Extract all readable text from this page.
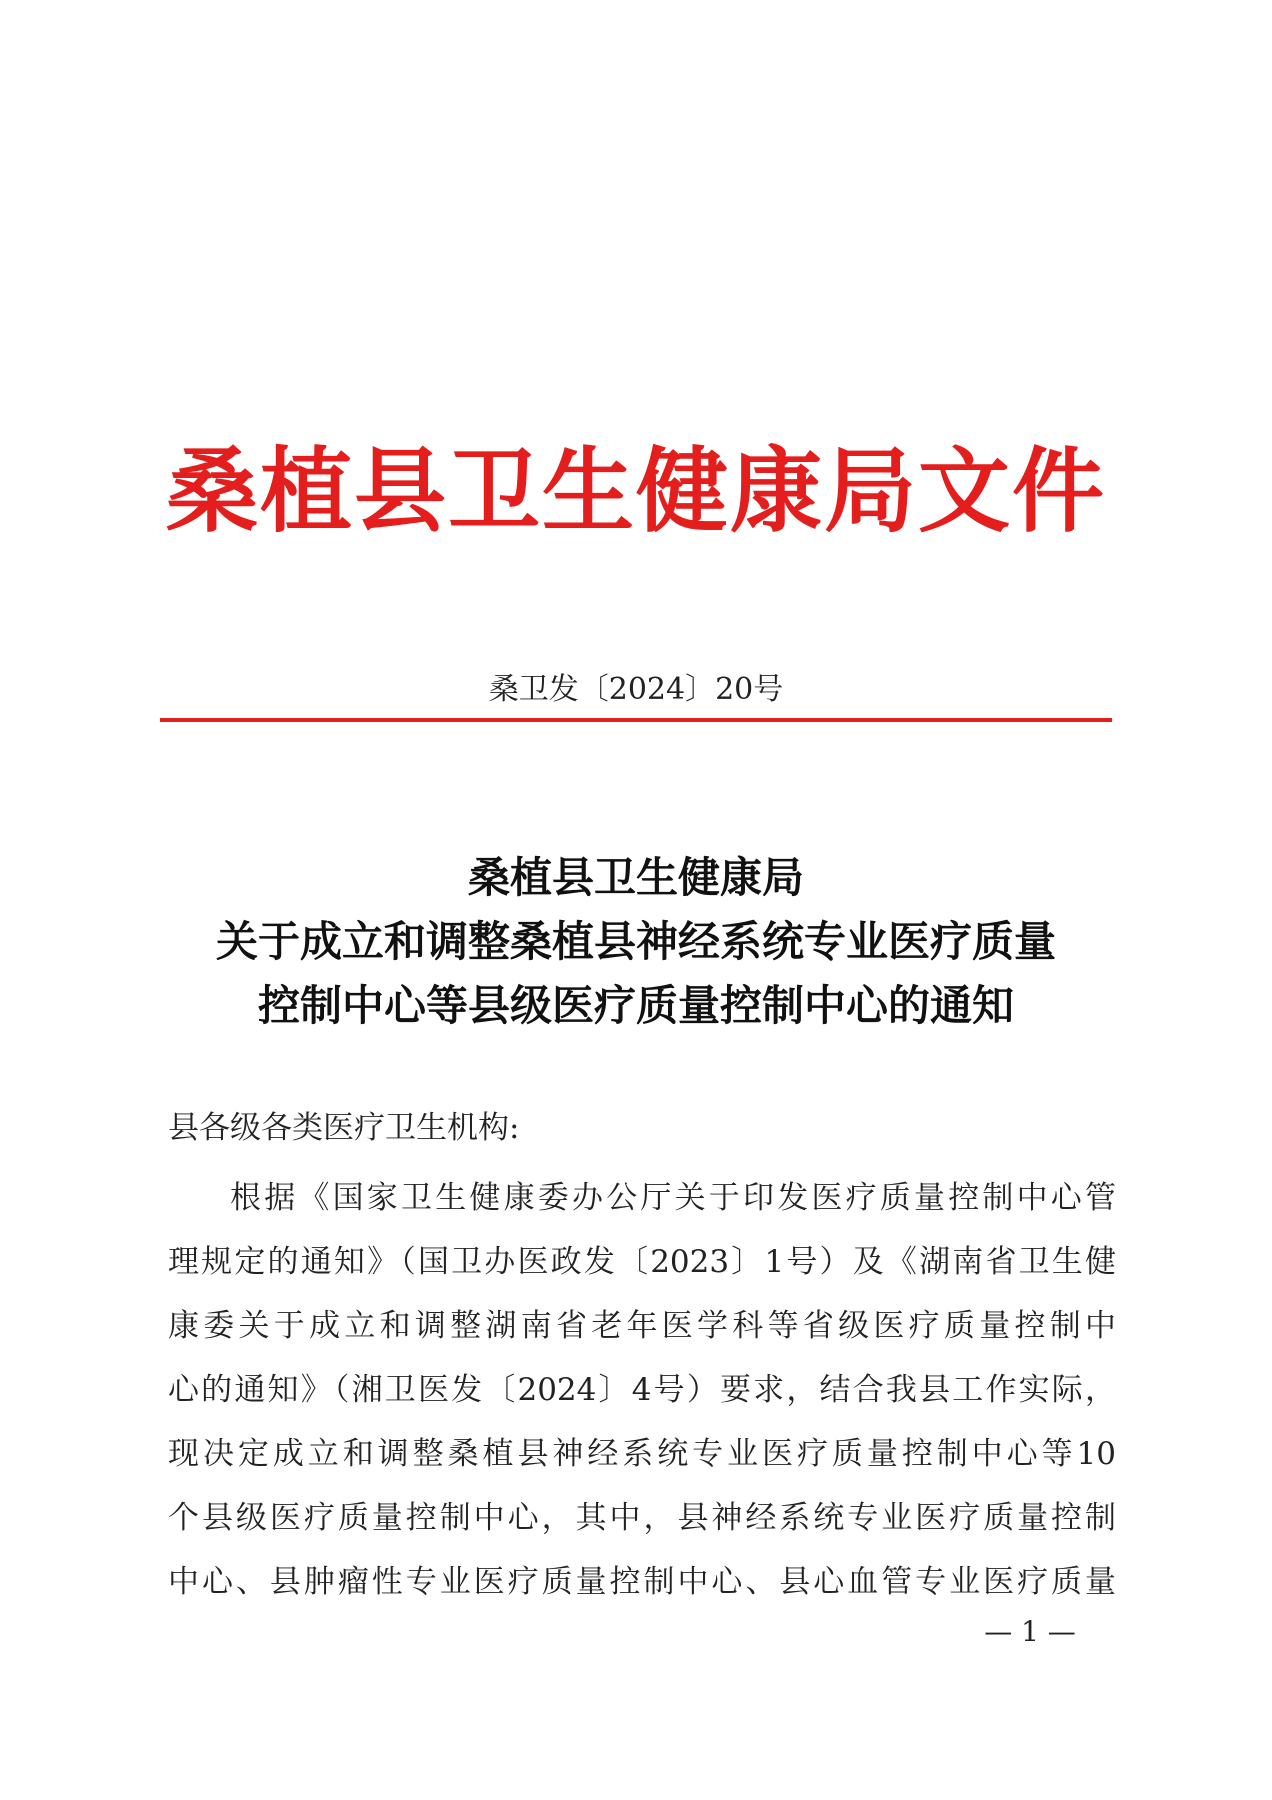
桑植县卫生健康局文件
桑卫发〔2024〕20号
桑植县卫生健康局
关于成立和调整桑植县神经系统专业医疗质量
控制中心等县级医疗质量控制中心的通知
县各级各类医疗卫生机构:
根据《国家卫生健康委办公厅关于印发医疗质量控制中心管
理规定的通知》（国卫办医政发〔2023〕1号）及《湖南省卫生健
康委关于成立和调整湖南省老年医学科等省级医疗质量控制中
心的通知》（湘卫医发〔2024〕4号）要求，结合我县工作实际，
现决定成立和调整桑植县神经系统专业医疗质量控制中心等10
个县级医疗质量控制中心，其中，县神经系统专业医疗质量控制
中心、县肿瘤性专业医疗质量控制中心、县心血管专业医疗质量
— 1 —
